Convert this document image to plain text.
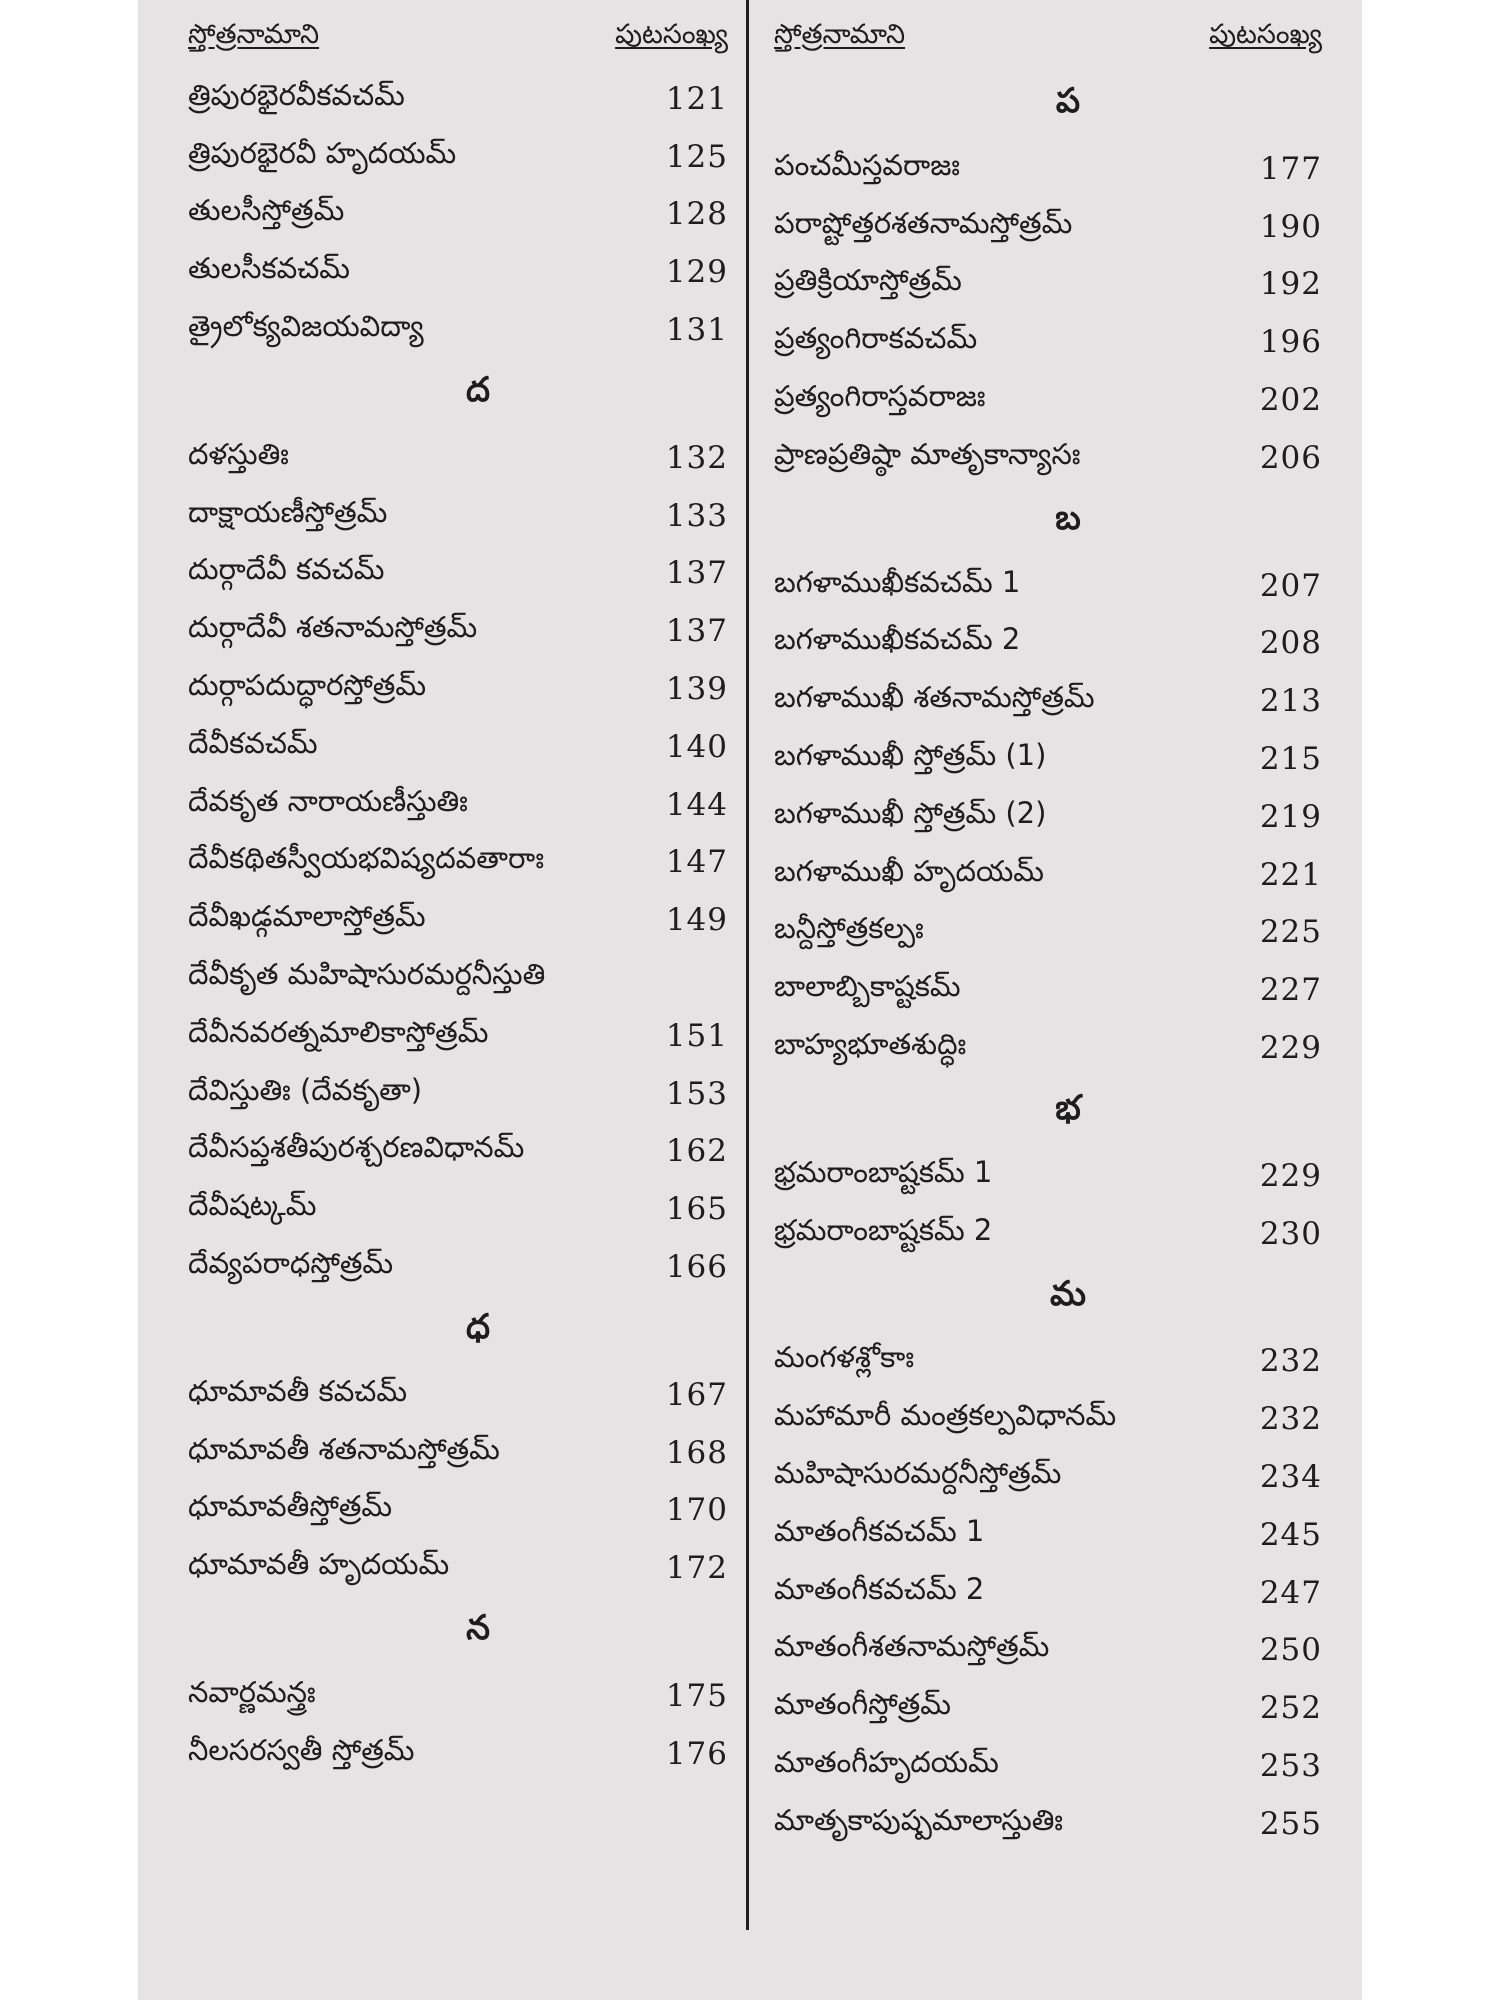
స్తోత్రనామాని	పుటసంఖ్య
త్రిపురభైరవీకవచమ్	121
త్రిపురభైరవీ హృదయమ్	125
తులసీస్తోత్రమ్	128
తులసీకవచమ్	129
త్రైలోక్యవిజయవిద్యా	131
ద
దళస్తుతిః	132
దాక్షాయణీస్తోత్రమ్	133
దుర్గాదేవీ కవచమ్	137
దుర్గాదేవీ శతనామస్తోత్రమ్	137
దుర్గాపదుద్ధారస్తోత్రమ్	139
దేవీకవచమ్	140
దేవకృత నారాయణీస్తుతిః	144
దేవీకథితస్వీయభవిష్యదవతారాః	147
దేవీఖడ్గమాలాస్తోత్రమ్	149
దేవీకృత మహిషాసురమర్దనీస్తుతి
దేవీనవరత్నమాలికాస్తోత్రమ్	151
దేవిస్తుతిః (దేవకృతా)	153
దేవీసప్తశతీపురశ్చరణవిధానమ్	162
దేవీషట్కమ్	165
దేవ్యపరాధస్తోత్రమ్	166
ధ
ధూమావతీ కవచమ్	167
ధూమావతీ శతనామస్తోత్రమ్	168
ధూమావతీస్తోత్రమ్	170
ధూమావతీ హృదయమ్	172
న
నవార్ణమన్త్రః	175
నీలసరస్వతీ స్తోత్రమ్	176
స్తోత్రనామాని	పుటసంఖ్య
ప
పంచమీస్తవరాజః	177
పరాష్టోత్తరశతనామస్తోత్రమ్	190
ప్రతిక్రియాస్తోత్రమ్	192
ప్రత్యంగిరాకవచమ్	196
ప్రత్యంగిరాస్తవరాజః	202
ప్రాణప్రతిష్ఠా మాతృకాన్యాసః	206
బ
బగళాముఖీకవచమ్ 1	207
బగళాముఖీకవచమ్ 2	208
బగళాముఖీ శతనామస్తోత్రమ్	213
బగళాముఖీ స్తోత్రమ్ (1)	215
బగళాముఖీ స్తోత్రమ్ (2)	219
బగళాముఖీ హృదయమ్	221
బన్దీస్తోత్రకల్పః	225
బాలాబ్బికాష్టకమ్	227
బాహ్యభూతశుద్ధిః	229
భ
భ్రమరాంబాష్టకమ్ 1	229
భ్రమరాంబాష్టకమ్ 2	230
మ
మంగళశ్లోకాః	232
మహామారీ మంత్రకల్పవిధానమ్	232
మహిషాసురమర్దనీస్తోత్రమ్	234
మాతంగీకవచమ్ 1	245
మాతంగీకవచమ్ 2	247
మాతంగీశతనామస్తోత్రమ్	250
మాతంగీస్తోత్రమ్	252
మాతంగీహృదయమ్	253
మాతృకాపుష్పమాలాస్తుతిః	255
